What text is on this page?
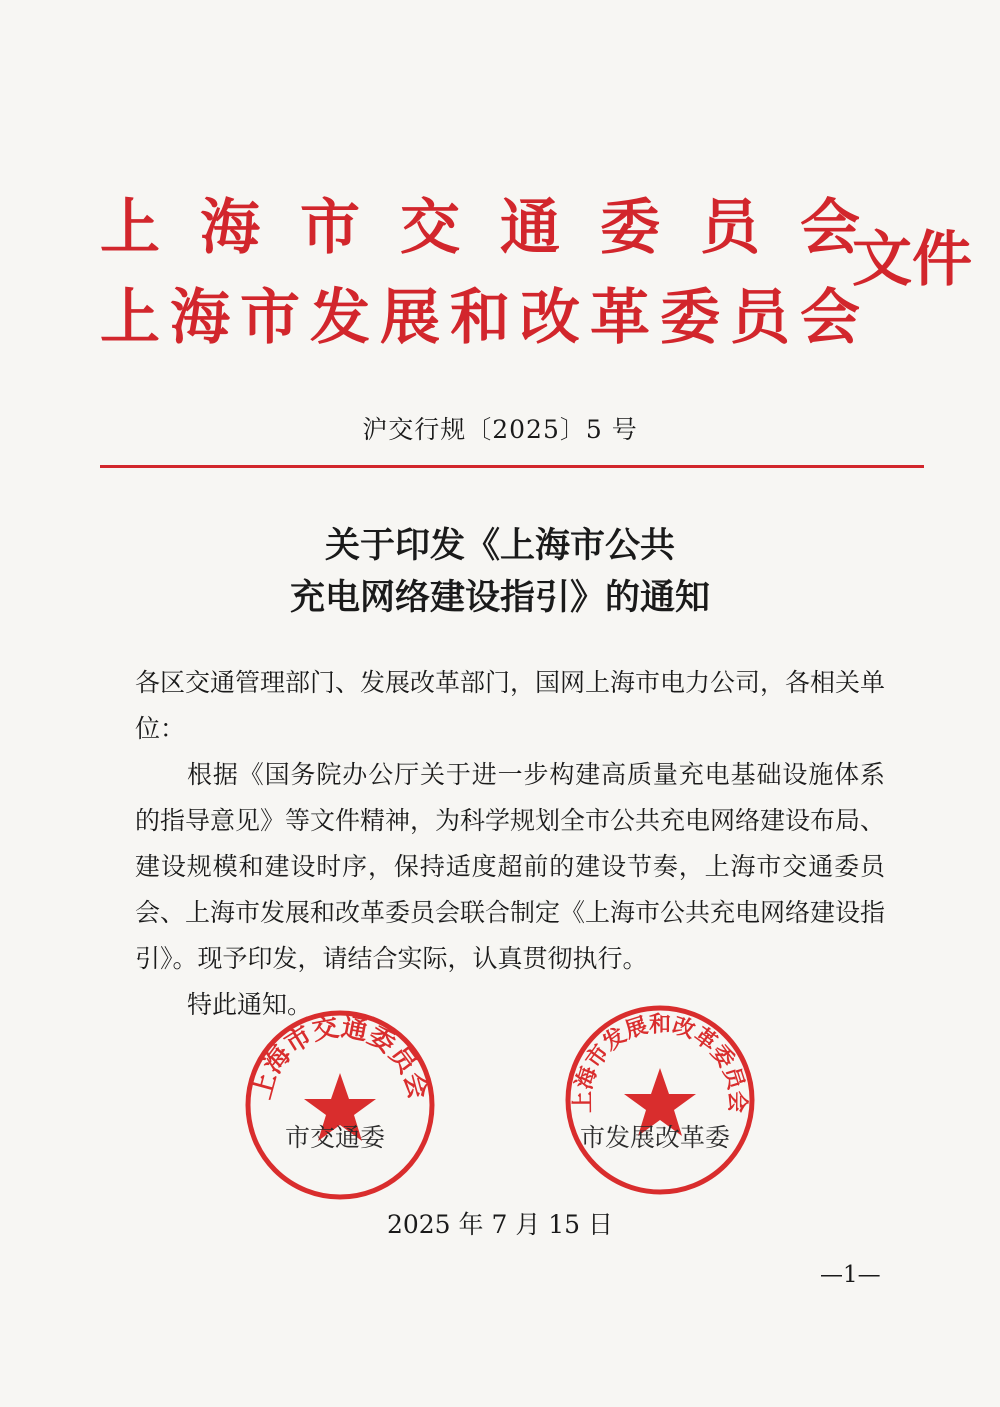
上 海 市 交 通 委 员 会
上 海 市 发 展 和 改 革 委 员 会
文件
沪交行规〔2025〕5 号
关于印发《上海市公共
充电网络建设指引》的通知

各区交通管理部门、发展改革部门，国网上海市电力公司，各相关单位：

根据《国务院办公厅关于进一步构建高质量充电基础设施体系的指导意见》等文件精神，为科学规划全市公共充电网络建设布局、建设规模和建设时序，保持适度超前的建设节奏，上海市交通委员会、上海市发展和改革委员会联合制定《上海市公共充电网络建设指引》。现予印发，请结合实际，认真贯彻执行。

特此通知。

上海市交通委员会
市交通委
上海市发展和改革委员会
市发展改革委
2025 年 7 月 15 日
—1—
